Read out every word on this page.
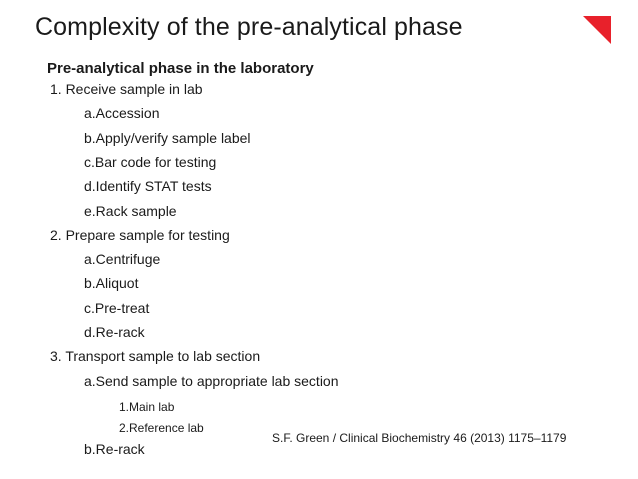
Complexity of the pre-analytical phase
Pre-analytical phase in the laboratory
1. Receive sample in lab
a.Accession
b.Apply/verify sample label
c.Bar code for testing
d.Identify STAT tests
e.Rack sample
2. Prepare sample for testing
a.Centrifuge
b.Aliquot
c.Pre-treat
d.Re-rack
3. Transport sample to lab section
a.Send sample to appropriate lab section
1.Main lab
2.Reference lab
b.Re-rack
S.F. Green / Clinical Biochemistry 46 (2013) 1175–1179
